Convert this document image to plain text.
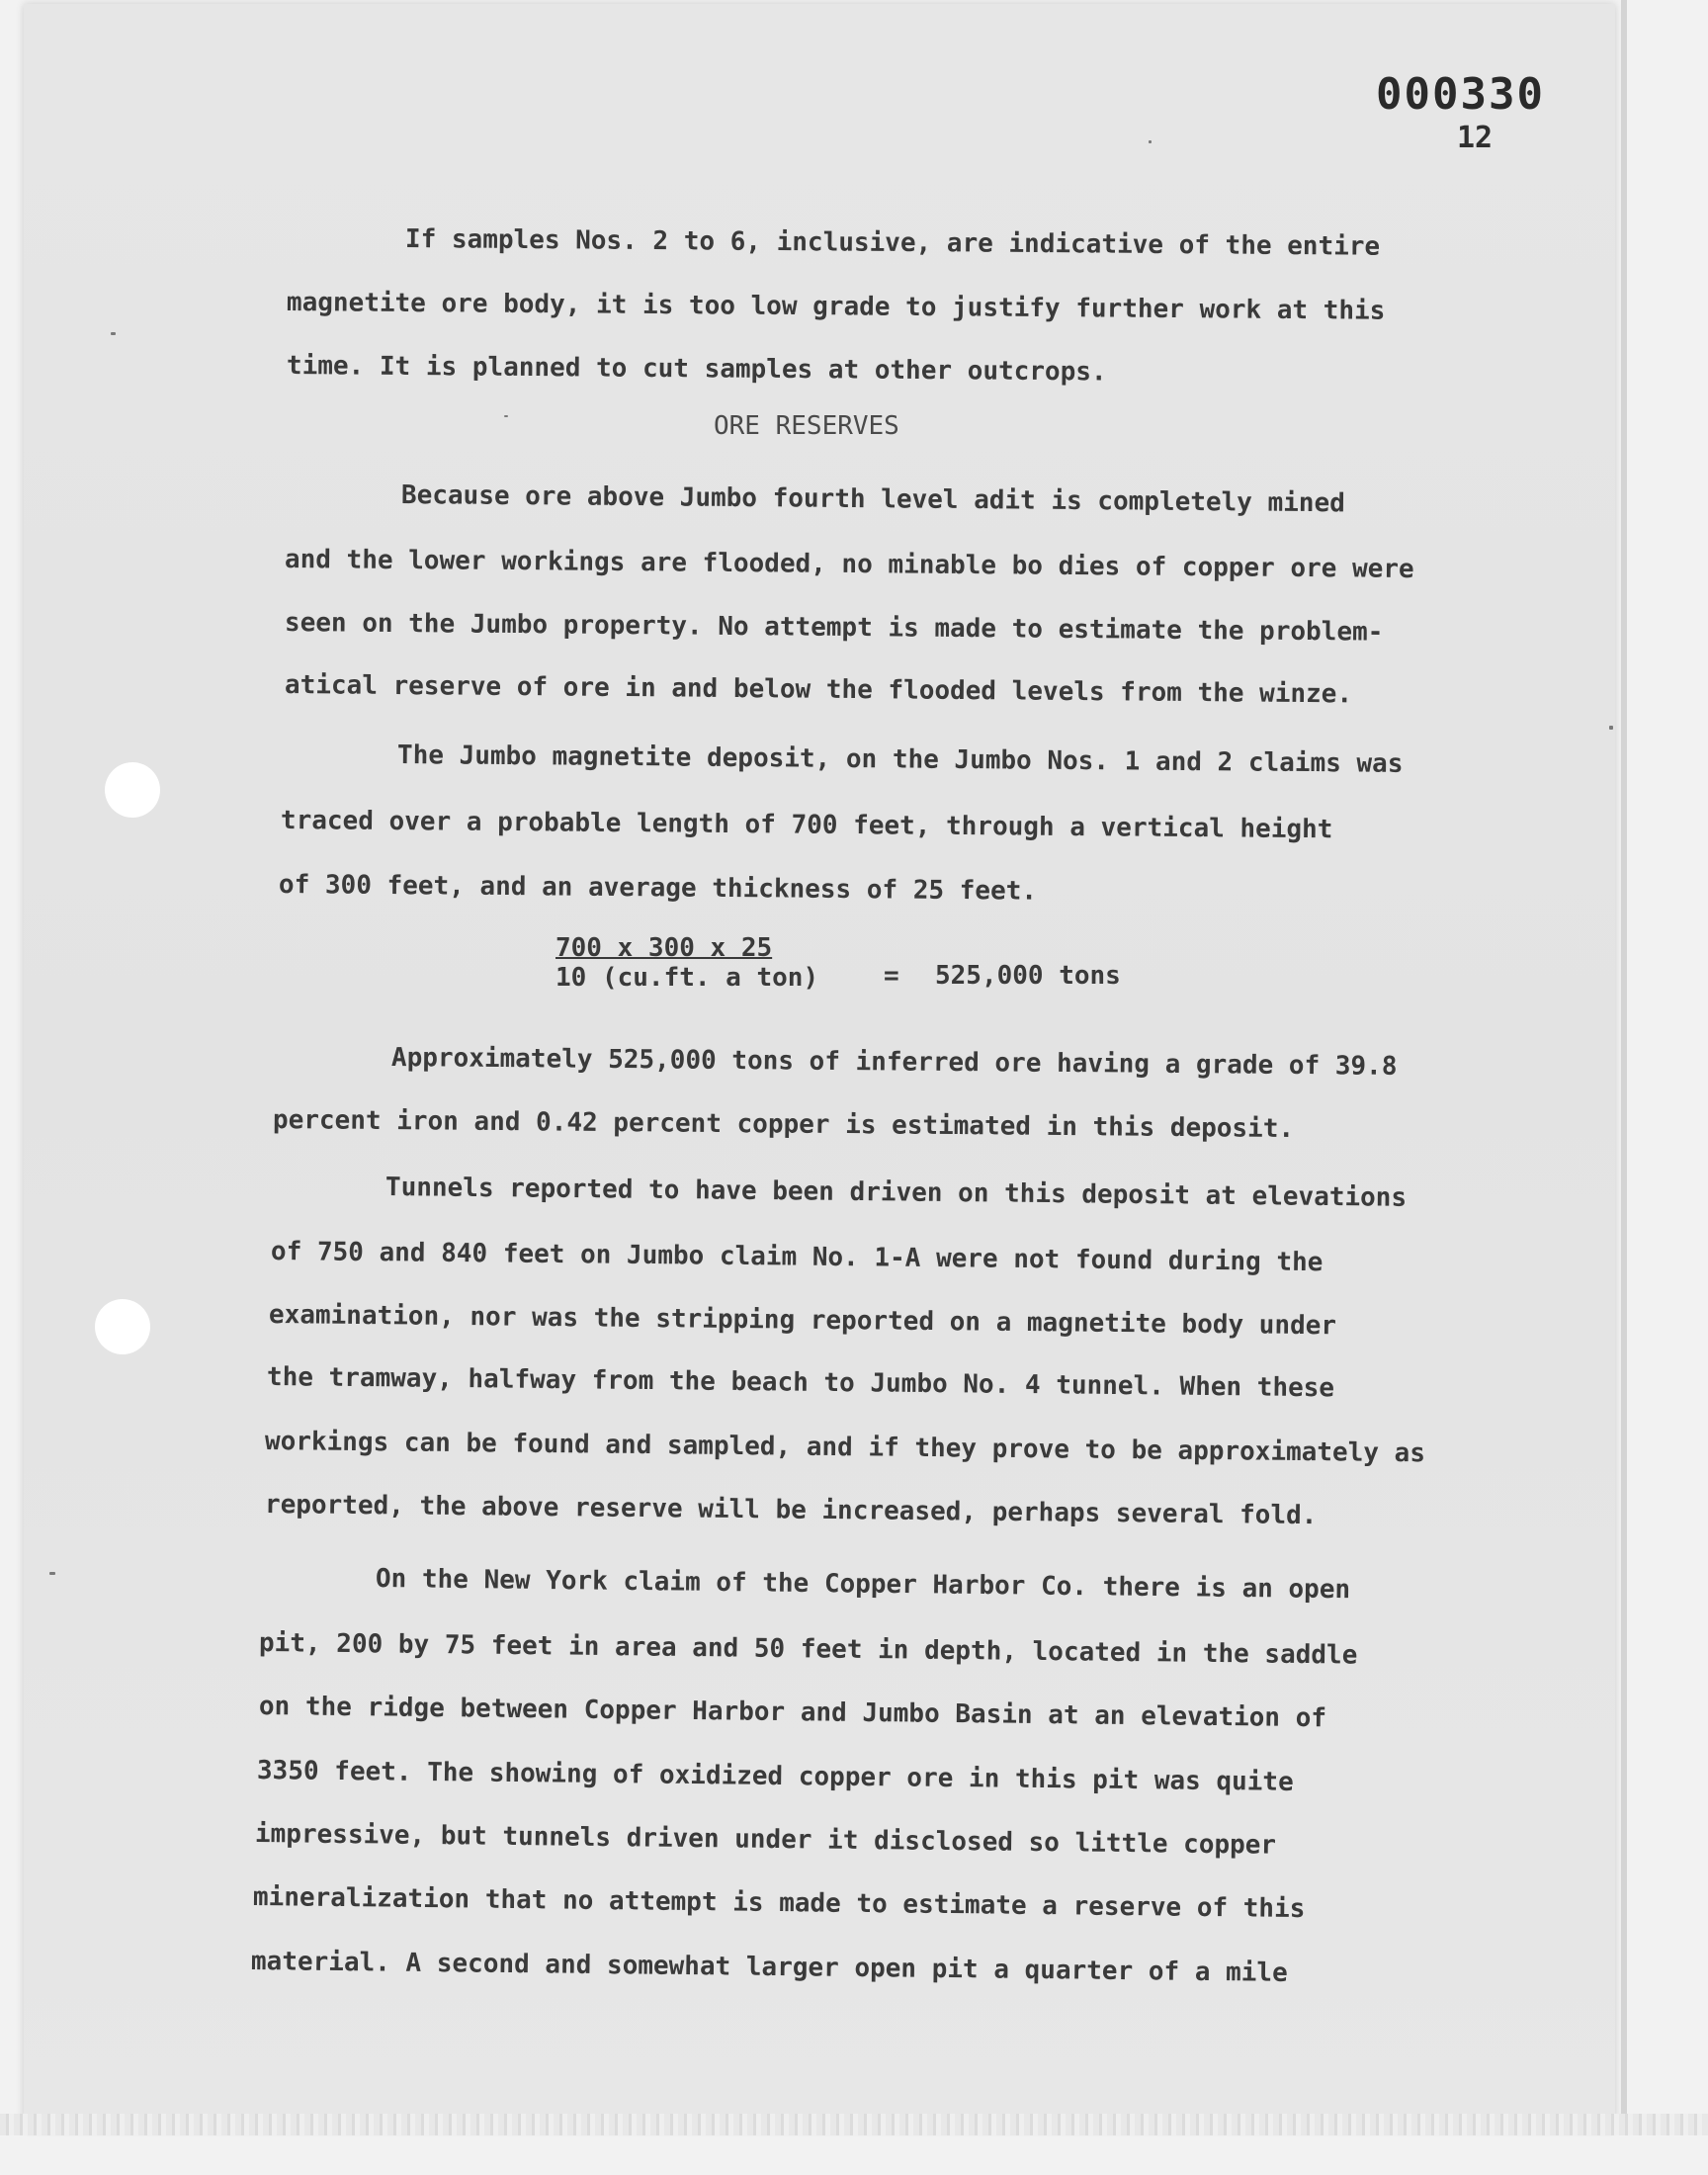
000330
12
If samples Nos. 2 to 6, inclusive, are indicative of the entire
magnetite ore body, it is too low grade to justify further work at this
time. It is planned to cut samples at other outcrops.
ORE RESERVES
Because ore above Jumbo fourth level adit is completely mined
and the lower workings are flooded, no minable bo dies of copper ore were
seen on the Jumbo property. No attempt is made to estimate the problem-
atical reserve of ore in and below the flooded levels from the winze.
The Jumbo magnetite deposit, on the Jumbo Nos. 1 and 2 claims was
traced over a probable length of 700 feet, through a vertical height
of 300 feet, and an average thickness of 25 feet.
700 x 300 x 25
10 (cu.ft. a ton)	= 525,000 tons
Approximately 525,000 tons of inferred ore having a grade of 39.8
percent iron and 0.42 percent copper is estimated in this deposit.
Tunnels reported to have been driven on this deposit at elevations
of 750 and 840 feet on Jumbo claim No. 1-A were not found during the
examination, nor was the stripping reported on a magnetite body under
the tramway, halfway from the beach to Jumbo No. 4 tunnel. When these
workings can be found and sampled, and if they prove to be approximately as
reported, the above reserve will be increased, perhaps several fold.
On the New York claim of the Copper Harbor Co. there is an open
pit, 200 by 75 feet in area and 50 feet in depth, located in the saddle
on the ridge between Copper Harbor and Jumbo Basin at an elevation of
3350 feet. The showing of oxidized copper ore in this pit was quite
impressive, but tunnels driven under it disclosed so little copper
mineralization that no attempt is made to estimate a reserve of this
material. A second and somewhat larger open pit a quarter of a mile
